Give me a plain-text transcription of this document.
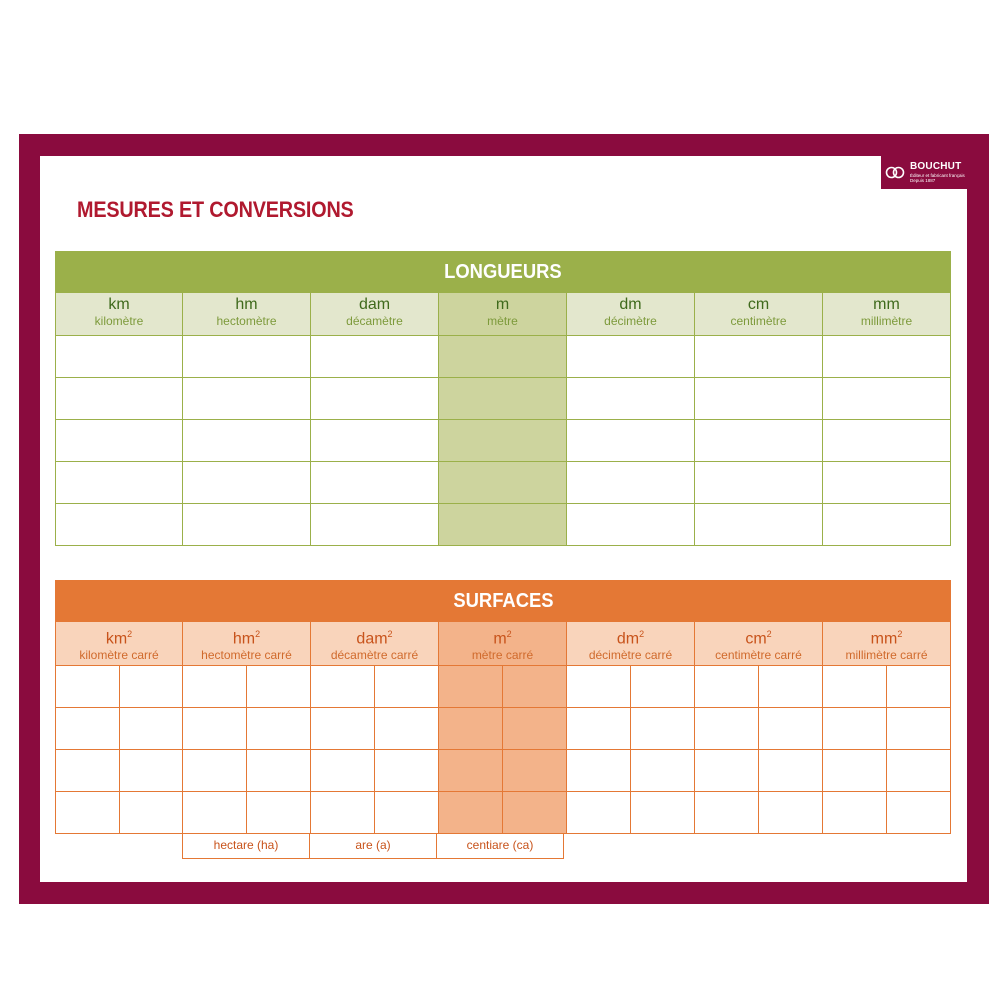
BOUCHUT
Éditeur et fabricant français Depuis 1887
MESURES ET CONVERSIONS
LONGUEURS
km
kilomètre
hm
hectomètre
dam
décamètre
m
mètre
dm
décimètre
cm
centimètre
mm
millimètre
SURFACES
$km^2$
kilomètre carré
$hm^2$
hectomètre carré
dam$^2$
décamètre carré
$m^2$
mètre carré
$dm^2$
décimètre carré
$cm^2$
centimètre carré
$mm^2$
millimètre carré
hectare (ha)	are (a)	centiare (ca)
